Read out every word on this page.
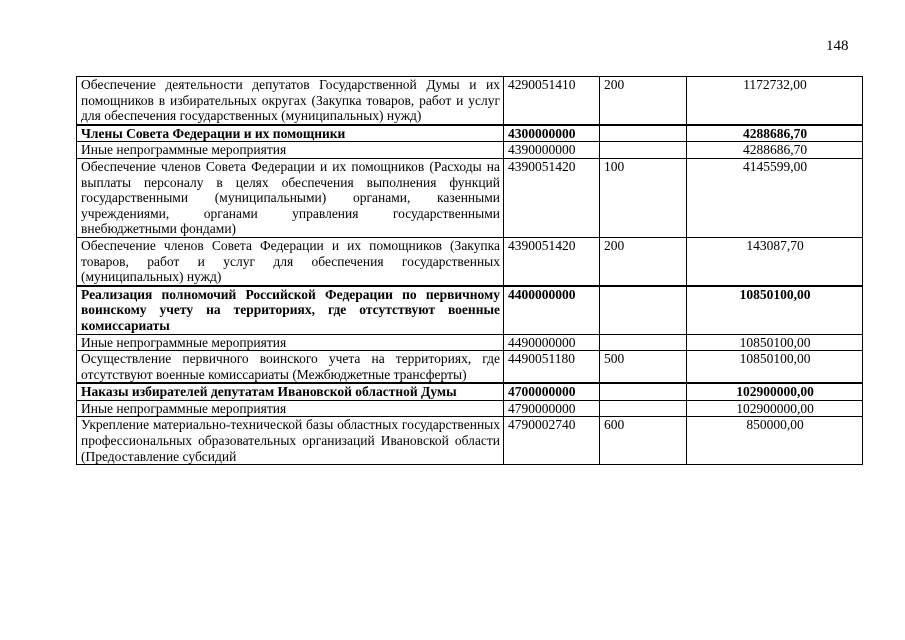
148
Обеспечение деятельности депутатов Государственной Думы и их помощников в избирательных округах (Закупка товаров, работ и услуг для обеспечения государственных (муниципальных) нужд)	4290051410	200	1172732,00
Члены Совета Федерации и их помощники	4300000000		4288686,70
Иные непрограммные мероприятия	4390000000		4288686,70
Обеспечение членов Совета Федерации и их помощников (Расходы на выплаты персоналу в целях обеспечения выполнения функций государственными (муниципальными) органами, казенными учреждениями, органами управления государственными внебюджетными фондами)	4390051420	100	4145599,00
Обеспечение членов Совета Федерации и их помощников (Закупка товаров, работ и услуг для обеспечения государственных (муниципальных) нужд)	4390051420	200	143087,70
Реализация полномочий Российской Федерации по первичному воинскому учету на территориях, где отсутствуют военные комиссариаты	4400000000		10850100,00
Иные непрограммные мероприятия	4490000000		10850100,00
Осуществление первичного воинского учета на территориях, где отсутствуют военные комиссариаты (Межбюджетные трансферты)	4490051180	500	10850100,00
Наказы избирателей депутатам Ивановской областной Думы	4700000000		102900000,00
Иные непрограммные мероприятия	4790000000		102900000,00
Укрепление материально-технической базы областных государственных профессиональных образовательных организаций Ивановской области (Предоставление субсидий	4790002740	600	850000,00
